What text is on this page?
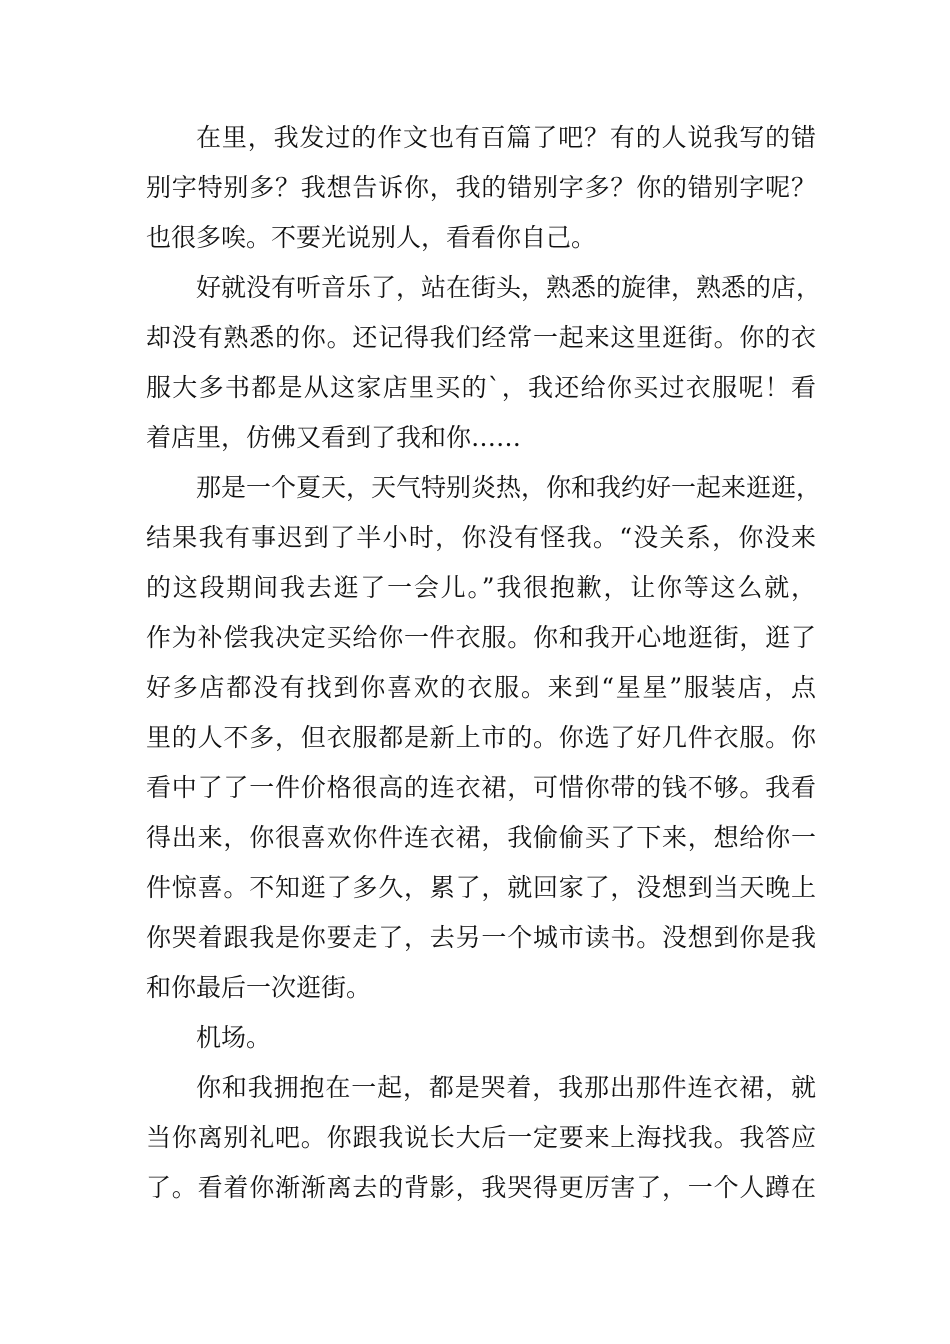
在里，我发过的作文也有百篇了吧？有的人说我写的错
别字特别多？我想告诉你，我的错别字多？你的错别字呢？
也很多唉。不要光说别人，看看你自己。
好就没有听音乐了，站在街头，熟悉的旋律，熟悉的店，
却没有熟悉的你。还记得我们经常一起来这里逛街。你的衣
服大多书都是从这家店里买的`，我还给你买过衣服呢！看
着店里，仿佛又看到了我和你……
那是一个夏天，天气特别炎热，你和我约好一起来逛逛，
结果我有事迟到了半小时，你没有怪我。“没关系，你没来
的这段期间我去逛了一会儿。”我很抱歉，让你等这么就，
作为补偿我决定买给你一件衣服。你和我开心地逛街，逛了
好多店都没有找到你喜欢的衣服。来到“星星”服装店，点
里的人不多，但衣服都是新上市的。你选了好几件衣服。你
看中了了一件价格很高的连衣裙，可惜你带的钱不够。我看
得出来，你很喜欢你件连衣裙，我偷偷买了下来，想给你一
件惊喜。不知逛了多久，累了，就回家了，没想到当天晚上
你哭着跟我是你要走了，去另一个城市读书。没想到你是我
和你最后一次逛街。
机场。
你和我拥抱在一起，都是哭着，我那出那件连衣裙，就
当你离别礼吧。你跟我说长大后一定要来上海找我。我答应
了。看着你渐渐离去的背影，我哭得更厉害了，一个人蹲在
